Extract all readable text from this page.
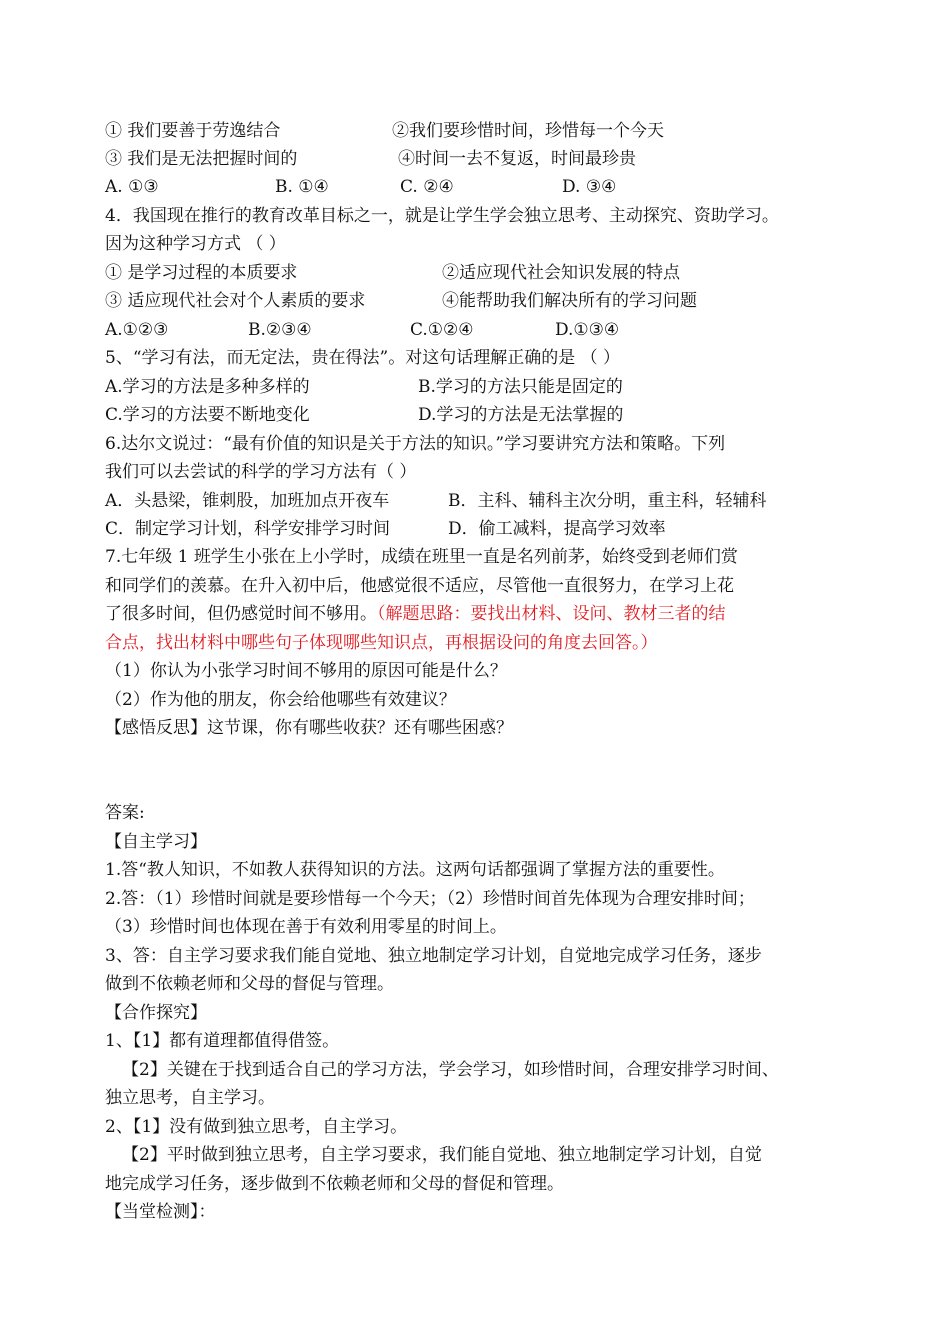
① 我们要善于劳逸结合	②我们要珍惜时间，珍惜每一个今天
③ 我们是无法把握时间的	④时间一去不复返，时间最珍贵
A. ①③	B. ①④	C. ②④	D. ③④
4．我国现在推行的教育改革目标之一，就是让学生学会独立思考、主动探究、资助学习。
因为这种学习方式 （ ）
① 是学习过程的本质要求	②适应现代社会知识发展的特点
③ 适应现代社会对个人素质的要求	④能帮助我们解决所有的学习问题
A.①②③	B.②③④	C.①②④	D.①③④
5、“学习有法，而无定法，贵在得法”。对这句话理解正确的是 （ ）
A.学习的方法是多种多样的	B.学习的方法只能是固定的
C.学习的方法要不断地变化	D.学习的方法是无法掌握的
6.达尔文说过：“最有价值的知识是关于方法的知识。”学习要讲究方法和策略。下列
我们可以去尝试的科学的学习方法有（ ）
A．头悬梁，锥刺股，加班加点开夜车	B．主科、辅科主次分明，重主科，轻辅科
C．制定学习计划，科学安排学习时间	D．偷工减料，提高学习效率
7.七年级 1 班学生小张在上小学时，成绩在班里一直是名列前茅，始终受到老师们赏
和同学们的羡慕。在升入初中后，他感觉很不适应，尽管他一直很努力，在学习上花
了很多时间，但仍感觉时间不够用。（解题思路：要找出材料、设问、教材三者的结
合点，找出材料中哪些句子体现哪些知识点，再根据设问的角度去回答。）
（1）你认为小张学习时间不够用的原因可能是什么？
（2）作为他的朋友，你会给他哪些有效建议？
【感悟反思】这节课，你有哪些收获？还有哪些困惑？
答案:
【自主学习】
1.答“教人知识，不如教人获得知识的方法。这两句话都强调了掌握方法的重要性。
2.答：（1）珍惜时间就是要珍惜每一个今天；（2）珍惜时间首先体现为合理安排时间；
（3）珍惜时间也体现在善于有效利用零星的时间上。
3、答：自主学习要求我们能自觉地、独立地制定学习计划，自觉地完成学习任务，逐步
做到不依赖老师和父母的督促与管理。
【合作探究】
1、【1】都有道理都值得借签。
【2】关键在于找到适合自己的学习方法，学会学习，如珍惜时间，合理安排学习时间、
独立思考，自主学习。
2、【1】没有做到独立思考，自主学习。
【2】平时做到独立思考，自主学习要求，我们能自觉地、独立地制定学习计划，自觉
地完成学习任务，逐步做到不依赖老师和父母的督促和管理。
【当堂检测】：
